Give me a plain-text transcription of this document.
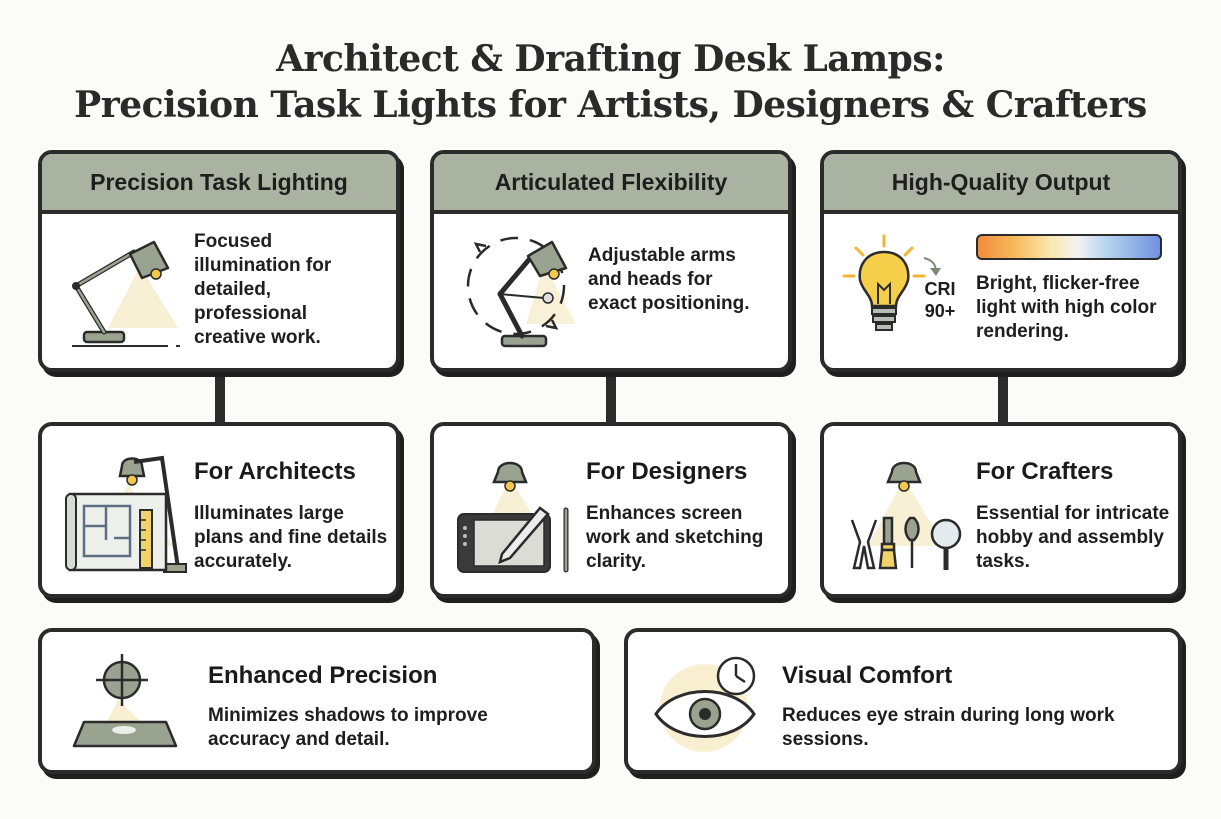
Architect & Drafting Desk Lamps:
Precision Task Lights for Artists, Designers & Crafters
Precision Task Lighting

Focused illumination for detailed, professional creative work.

Articulated Flexibility

Adjustable arms and heads for exact positioning.

High-Quality Output
CRI 90+

Bright, flicker-free light with high color rendering.

For Architects

Illuminates large plans and fine details accurately.

For Designers

Enhances screen work and sketching clarity.

For Crafters

Essential for intricate hobby and assembly tasks.

Enhanced Precision

Minimizes shadows to improve accuracy and detail.

Visual Comfort

Reduces eye strain during long work sessions.
